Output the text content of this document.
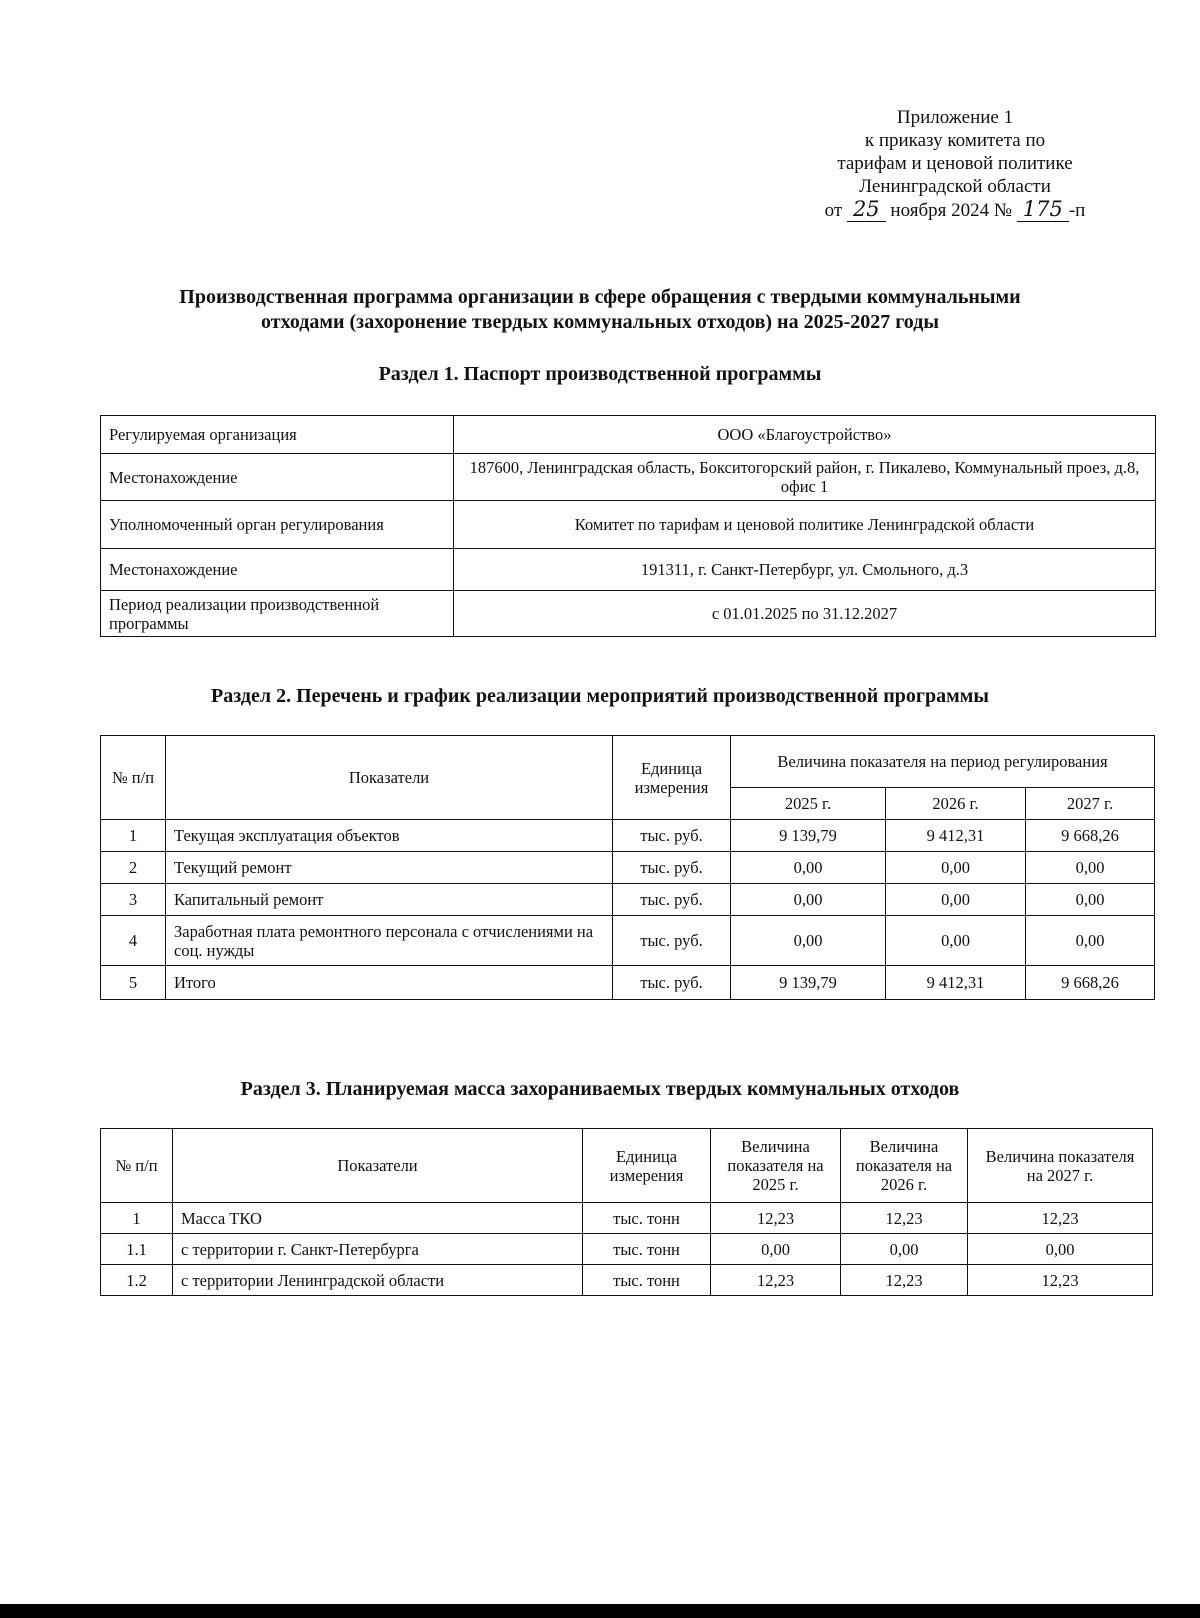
Приложение 1
к приказу комитета по
тарифам и ценовой политике
Ленинградской области
от 25 ноября 2024 № 175 -п
Производственная программа организации в сфере обращения с твердыми коммунальными
отходами (захоронение твердых коммунальных отходов) на 2025-2027 годы
Раздел 1. Паспорт производственной программы
Регулируемая организация	ООО «Благоустройство»
Местонахождение	187600, Ленинградская область, Бокситогорский район, г. Пикалево, Коммунальный проез, д.8, офис 1
Уполномоченный орган регулирования	Комитет по тарифам и ценовой политике Ленинградской области
Местонахождение	191311, г. Санкт-Петербург, ул. Смольного, д.3
Период реализации производственной программы	с 01.01.2025 по 31.12.2027
Раздел 2. Перечень и график реализации мероприятий производственной программы
№ п/п	Показатели	Единица измерения	Величина показателя на период регулирования		
			2025 г.	2026 г.	2027 г.
1	Текущая эксплуатация объектов	тыс. руб.	9 139,79	9 412,31	9 668,26
2	Текущий ремонт	тыс. руб.	0,00	0,00	0,00
3	Капитальный ремонт	тыс. руб.	0,00	0,00	0,00
4	Заработная плата ремонтного персонала с отчислениями на соц. нужды	тыс. руб.	0,00	0,00	0,00
5	Итого	тыс. руб.	9 139,79	9 412,31	9 668,26
Раздел 3. Планируемая масса захораниваемых твердых коммунальных отходов
№ п/п	Показатели	Единица измерения	Величина показателя на 2025 г.	Величина показателя на 2026 г.	Величина показателя на 2027 г.
1	Масса ТКО	тыс. тонн	12,23	12,23	12,23
1.1	с территории г. Санкт-Петербурга	тыс. тонн	0,00	0,00	0,00
1.2	с территории Ленинградской области	тыс. тонн	12,23	12,23	12,23
